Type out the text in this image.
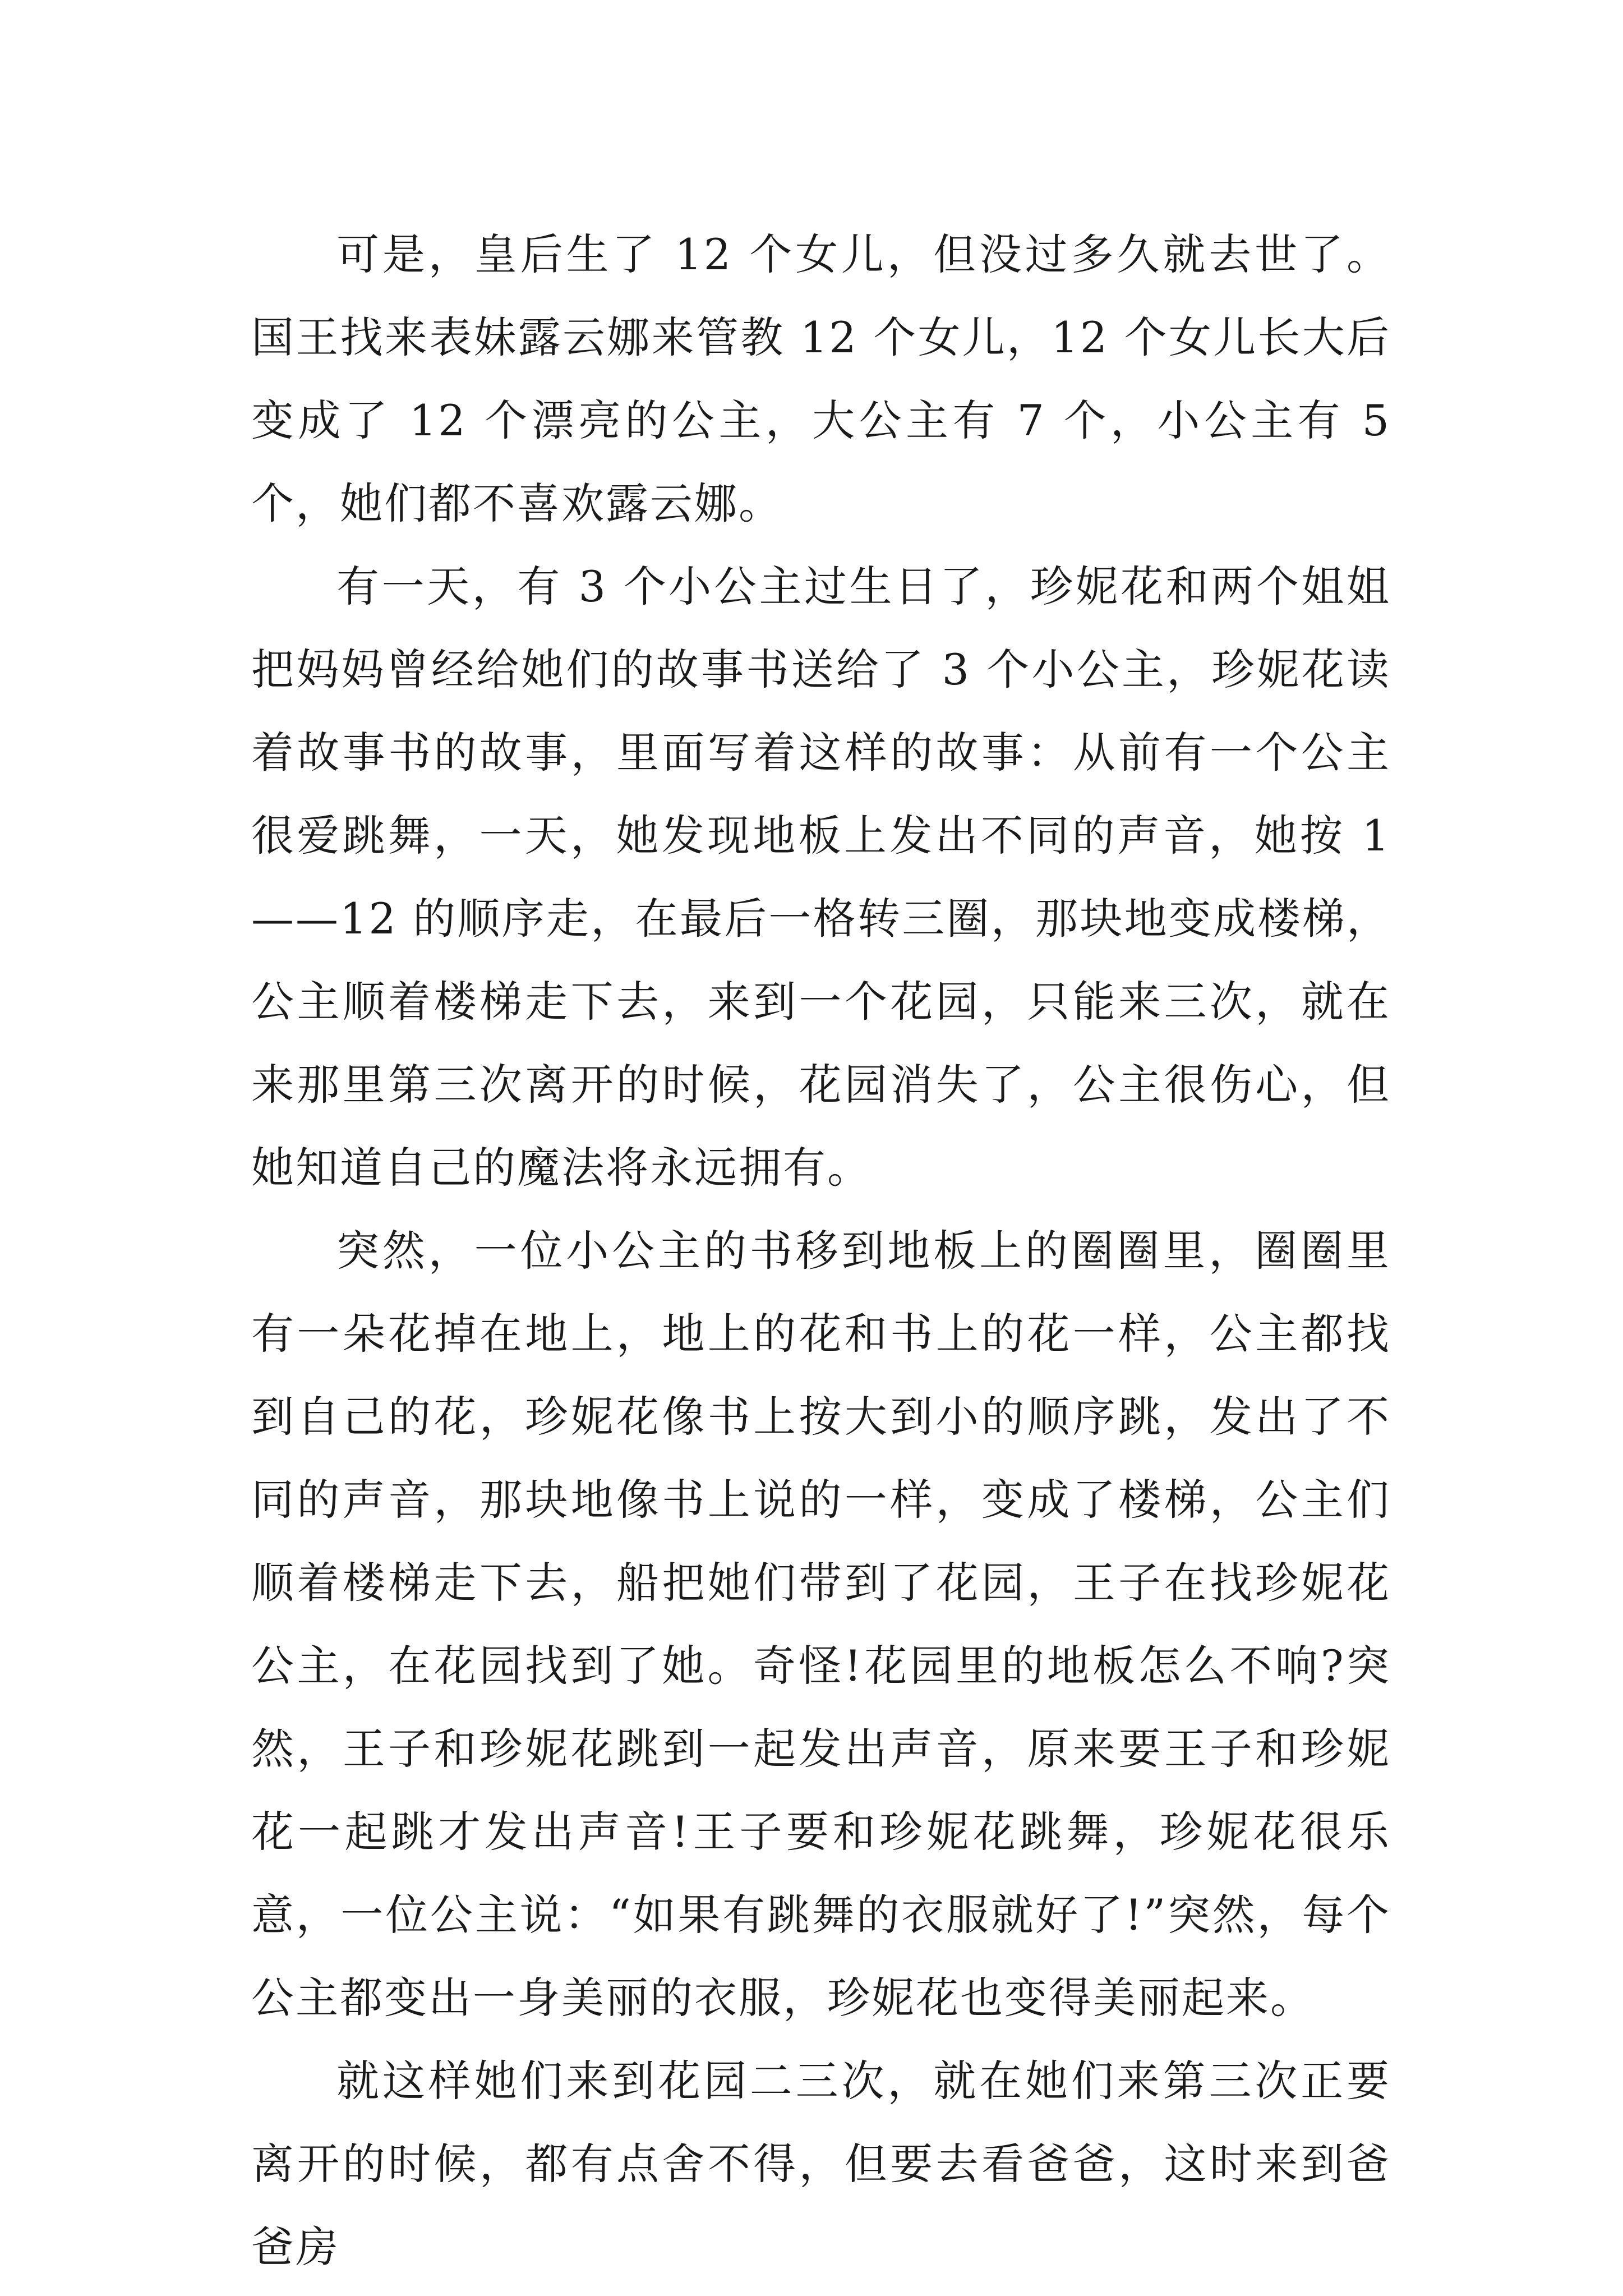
可是，皇后生了 12 个女儿，但没过多久就去世了。国王找来表妹露云娜来管教 12 个女儿，12 个女儿长大后变成了 12 个漂亮的公主，大公主有 7 个，小公主有 5 个，她们都不喜欢露云娜。

有一天，有 3 个小公主过生日了，珍妮花和两个姐姐把妈妈曾经给她们的故事书送给了 3 个小公主，珍妮花读着故事书的故事，里面写着这样的故事：从前有一个公主很爱跳舞，一天，她发现地板上发出不同的声音，她按 1——12 的顺序走，在最后一格转三圈，那块地变成楼梯，公主顺着楼梯走下去，来到一个花园，只能来三次，就在来那里第三次离开的时候，花园消失了，公主很伤心，但她知道自己的魔法将永远拥有。

突然，一位小公主的书移到地板上的圈圈里，圈圈里有一朵花掉在地上，地上的花和书上的花一样，公主都找到自己的花，珍妮花像书上按大到小的顺序跳，发出了不同的声音，那块地像书上说的一样，变成了楼梯，公主们顺着楼梯走下去，船把她们带到了花园，王子在找珍妮花公主，在花园找到了她。奇怪!花园里的地板怎么不响?突然，王子和珍妮花跳到一起发出声音，原来要王子和珍妮花一起跳才发出声音!王子要和珍妮花跳舞，珍妮花很乐意，一位公主说：“如果有跳舞的衣服就好了!”突然，每个公主都变出一身美丽的衣服，珍妮花也变得美丽起来。

就这样她们来到花园二三次，就在她们来第三次正要离开的时候，都有点舍不得，但要去看爸爸，这时来到爸爸房
